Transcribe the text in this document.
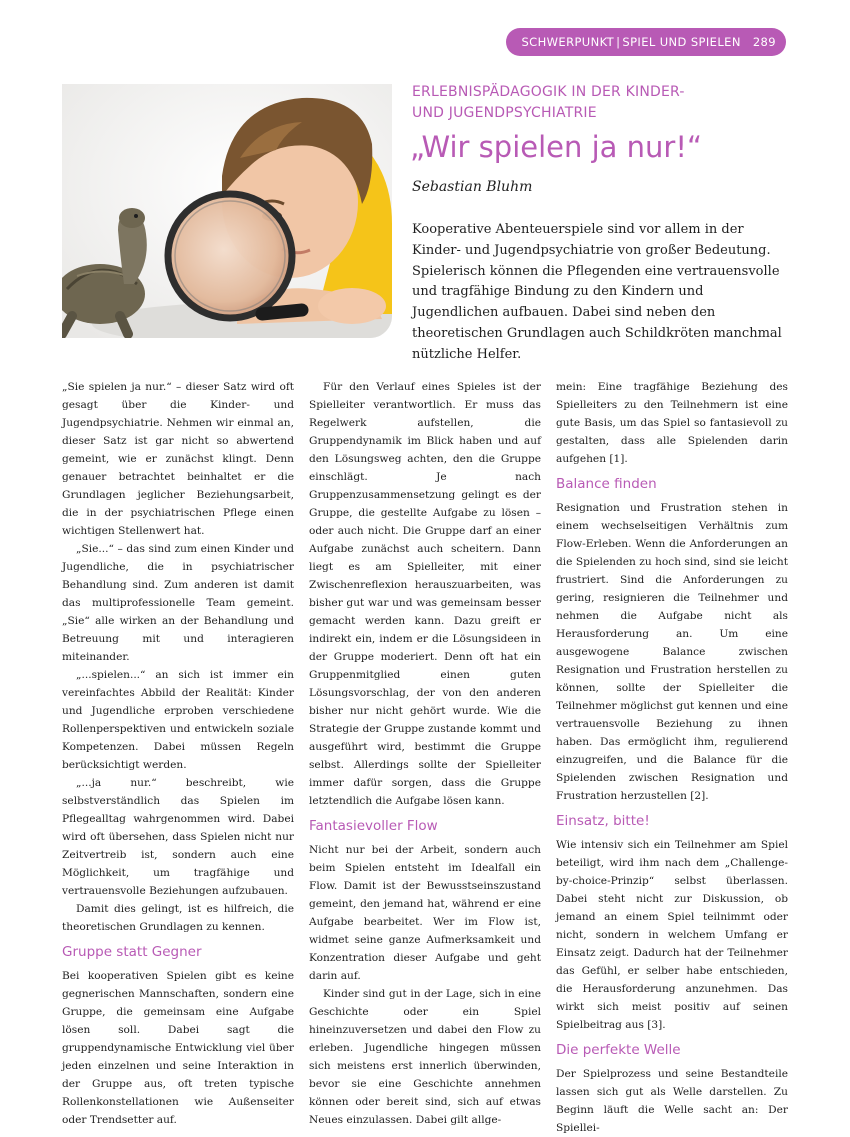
SCHWERPUNKT | SPIEL UND SPIELEN 289
ERLEBNISPÄDAGOGIK IN DER KINDER-
UND JUGENDPSYCHIATRIE
„Wir spielen ja nur!“
Sebastian Bluhm

Kooperative Abenteuerspiele sind vor allem in der Kinder- und Jugendpsychiatrie von großer Bedeutung. Spielerisch können die Pflegenden eine vertrauensvolle und tragfähige Bindung zu den Kindern und Jugendlichen aufbauen. Dabei sind neben den theoretischen Grundlagen auch Schildkröten manchmal nützliche Helfer.

„Sie spielen ja nur.“ – dieser Satz wird oft gesagt über die Kinder- und Jugendpsychiatrie. Nehmen wir einmal an, dieser Satz ist gar nicht so abwertend gemeint, wie er zunächst klingt. Denn genauer betrachtet beinhaltet er die Grundlagen jeglicher Beziehungsarbeit, die in der psychiatrischen Pflege einen wichtigen Stellenwert hat.

„Sie...“ – das sind zum einen Kinder und Jugendliche, die in psychiatrischer Behandlung sind. Zum anderen ist damit das multiprofessionelle Team gemeint. „Sie“ alle wirken an der Behandlung und Betreuung mit und interagieren miteinander.

„...spielen...“ an sich ist immer ein vereinfachtes Abbild der Realität: Kinder und Jugendliche erproben verschiedene Rollenperspektiven und entwickeln soziale Kompetenzen. Dabei müssen Regeln berücksichtigt werden.

„...ja nur.“ beschreibt, wie selbstverständlich das Spielen im Pflegealltag wahrgenommen wird. Dabei wird oft übersehen, dass Spielen nicht nur Zeitvertreib ist, sondern auch eine Möglichkeit, um tragfähige und vertrauensvolle Beziehungen aufzubauen.

Damit dies gelingt, ist es hilfreich, die theoretischen Grundlagen zu kennen.

Gruppe statt Gegner

Bei kooperativen Spielen gibt es keine gegnerischen Mannschaften, sondern eine Gruppe, die gemeinsam eine Aufgabe lösen soll. Dabei sagt die gruppendynamische Entwicklung viel über jeden einzelnen und seine Interaktion in der Gruppe aus, oft treten typische Rollenkonstellationen wie Außenseiter oder Trendsetter auf.

Für den Verlauf eines Spieles ist der Spielleiter verantwortlich. Er muss das Regelwerk aufstellen, die Gruppendynamik im Blick haben und auf den Lösungsweg achten, den die Gruppe einschlägt. Je nach Gruppenzusammensetzung gelingt es der Gruppe, die gestellte Aufgabe zu lösen – oder auch nicht. Die Gruppe darf an einer Aufgabe zunächst auch scheitern. Dann liegt es am Spielleiter, mit einer Zwischenreflexion herauszuarbeiten, was bisher gut war und was gemeinsam besser gemacht werden kann. Dazu greift er indirekt ein, indem er die Lösungsideen in der Gruppe moderiert. Denn oft hat ein Gruppenmitglied einen guten Lösungsvorschlag, der von den anderen bisher nur nicht gehört wurde. Wie die Strategie der Gruppe zustande kommt und ausgeführt wird, bestimmt die Gruppe selbst. Allerdings sollte der Spielleiter immer dafür sorgen, dass die Gruppe letztendlich die Aufgabe lösen kann.

Fantasievoller Flow

Nicht nur bei der Arbeit, sondern auch beim Spielen entsteht im Idealfall ein Flow. Damit ist der Bewusstseinszustand gemeint, den jemand hat, während er eine Aufgabe bearbeitet. Wer im Flow ist, widmet seine ganze Aufmerksamkeit und Konzentration dieser Aufgabe und geht darin auf.

Kinder sind gut in der Lage, sich in eine Geschichte oder ein Spiel hineinzuversetzen und dabei den Flow zu erleben. Jugendliche hingegen müssen sich meistens erst innerlich überwinden, bevor sie eine Geschichte annehmen können oder bereit sind, sich auf etwas Neues einzulassen. Dabei gilt allge-

mein: Eine tragfähige Beziehung des Spielleiters zu den Teilnehmern ist eine gute Basis, um das Spiel so fantasievoll zu gestalten, dass alle Spielenden darin aufgehen [1].

Balance finden

Resignation und Frustration stehen in einem wechselseitigen Verhältnis zum Flow-Erleben. Wenn die Anforderungen an die Spielenden zu hoch sind, sind sie leicht frustriert. Sind die Anforderungen zu gering, resignieren die Teilnehmer und nehmen die Aufgabe nicht als Herausforderung an. Um eine ausgewogene Balance zwischen Resignation und Frustration herstellen zu können, sollte der Spielleiter die Teilnehmer möglichst gut kennen und eine vertrauensvolle Beziehung zu ihnen haben. Das ermöglicht ihm, regulierend einzugreifen, und die Balance für die Spielenden zwischen Resignation und Frustration herzustellen [2].

Einsatz, bitte!

Wie intensiv sich ein Teilnehmer am Spiel beteiligt, wird ihm nach dem „Challenge-by-choice-Prinzip“ selbst überlassen. Dabei steht nicht zur Diskussion, ob jemand an einem Spiel teilnimmt oder nicht, sondern in welchem Umfang er Einsatz zeigt. Dadurch hat der Teilnehmer das Gefühl, er selber habe entschieden, die Herausforderung anzunehmen. Das wirkt sich meist positiv auf seinen Spielbeitrag aus [3].

Die perfekte Welle

Der Spielprozess und seine Bestandteile lassen sich gut als Welle darstellen. Zu Beginn läuft die Welle sacht an: Der Spiellei-
